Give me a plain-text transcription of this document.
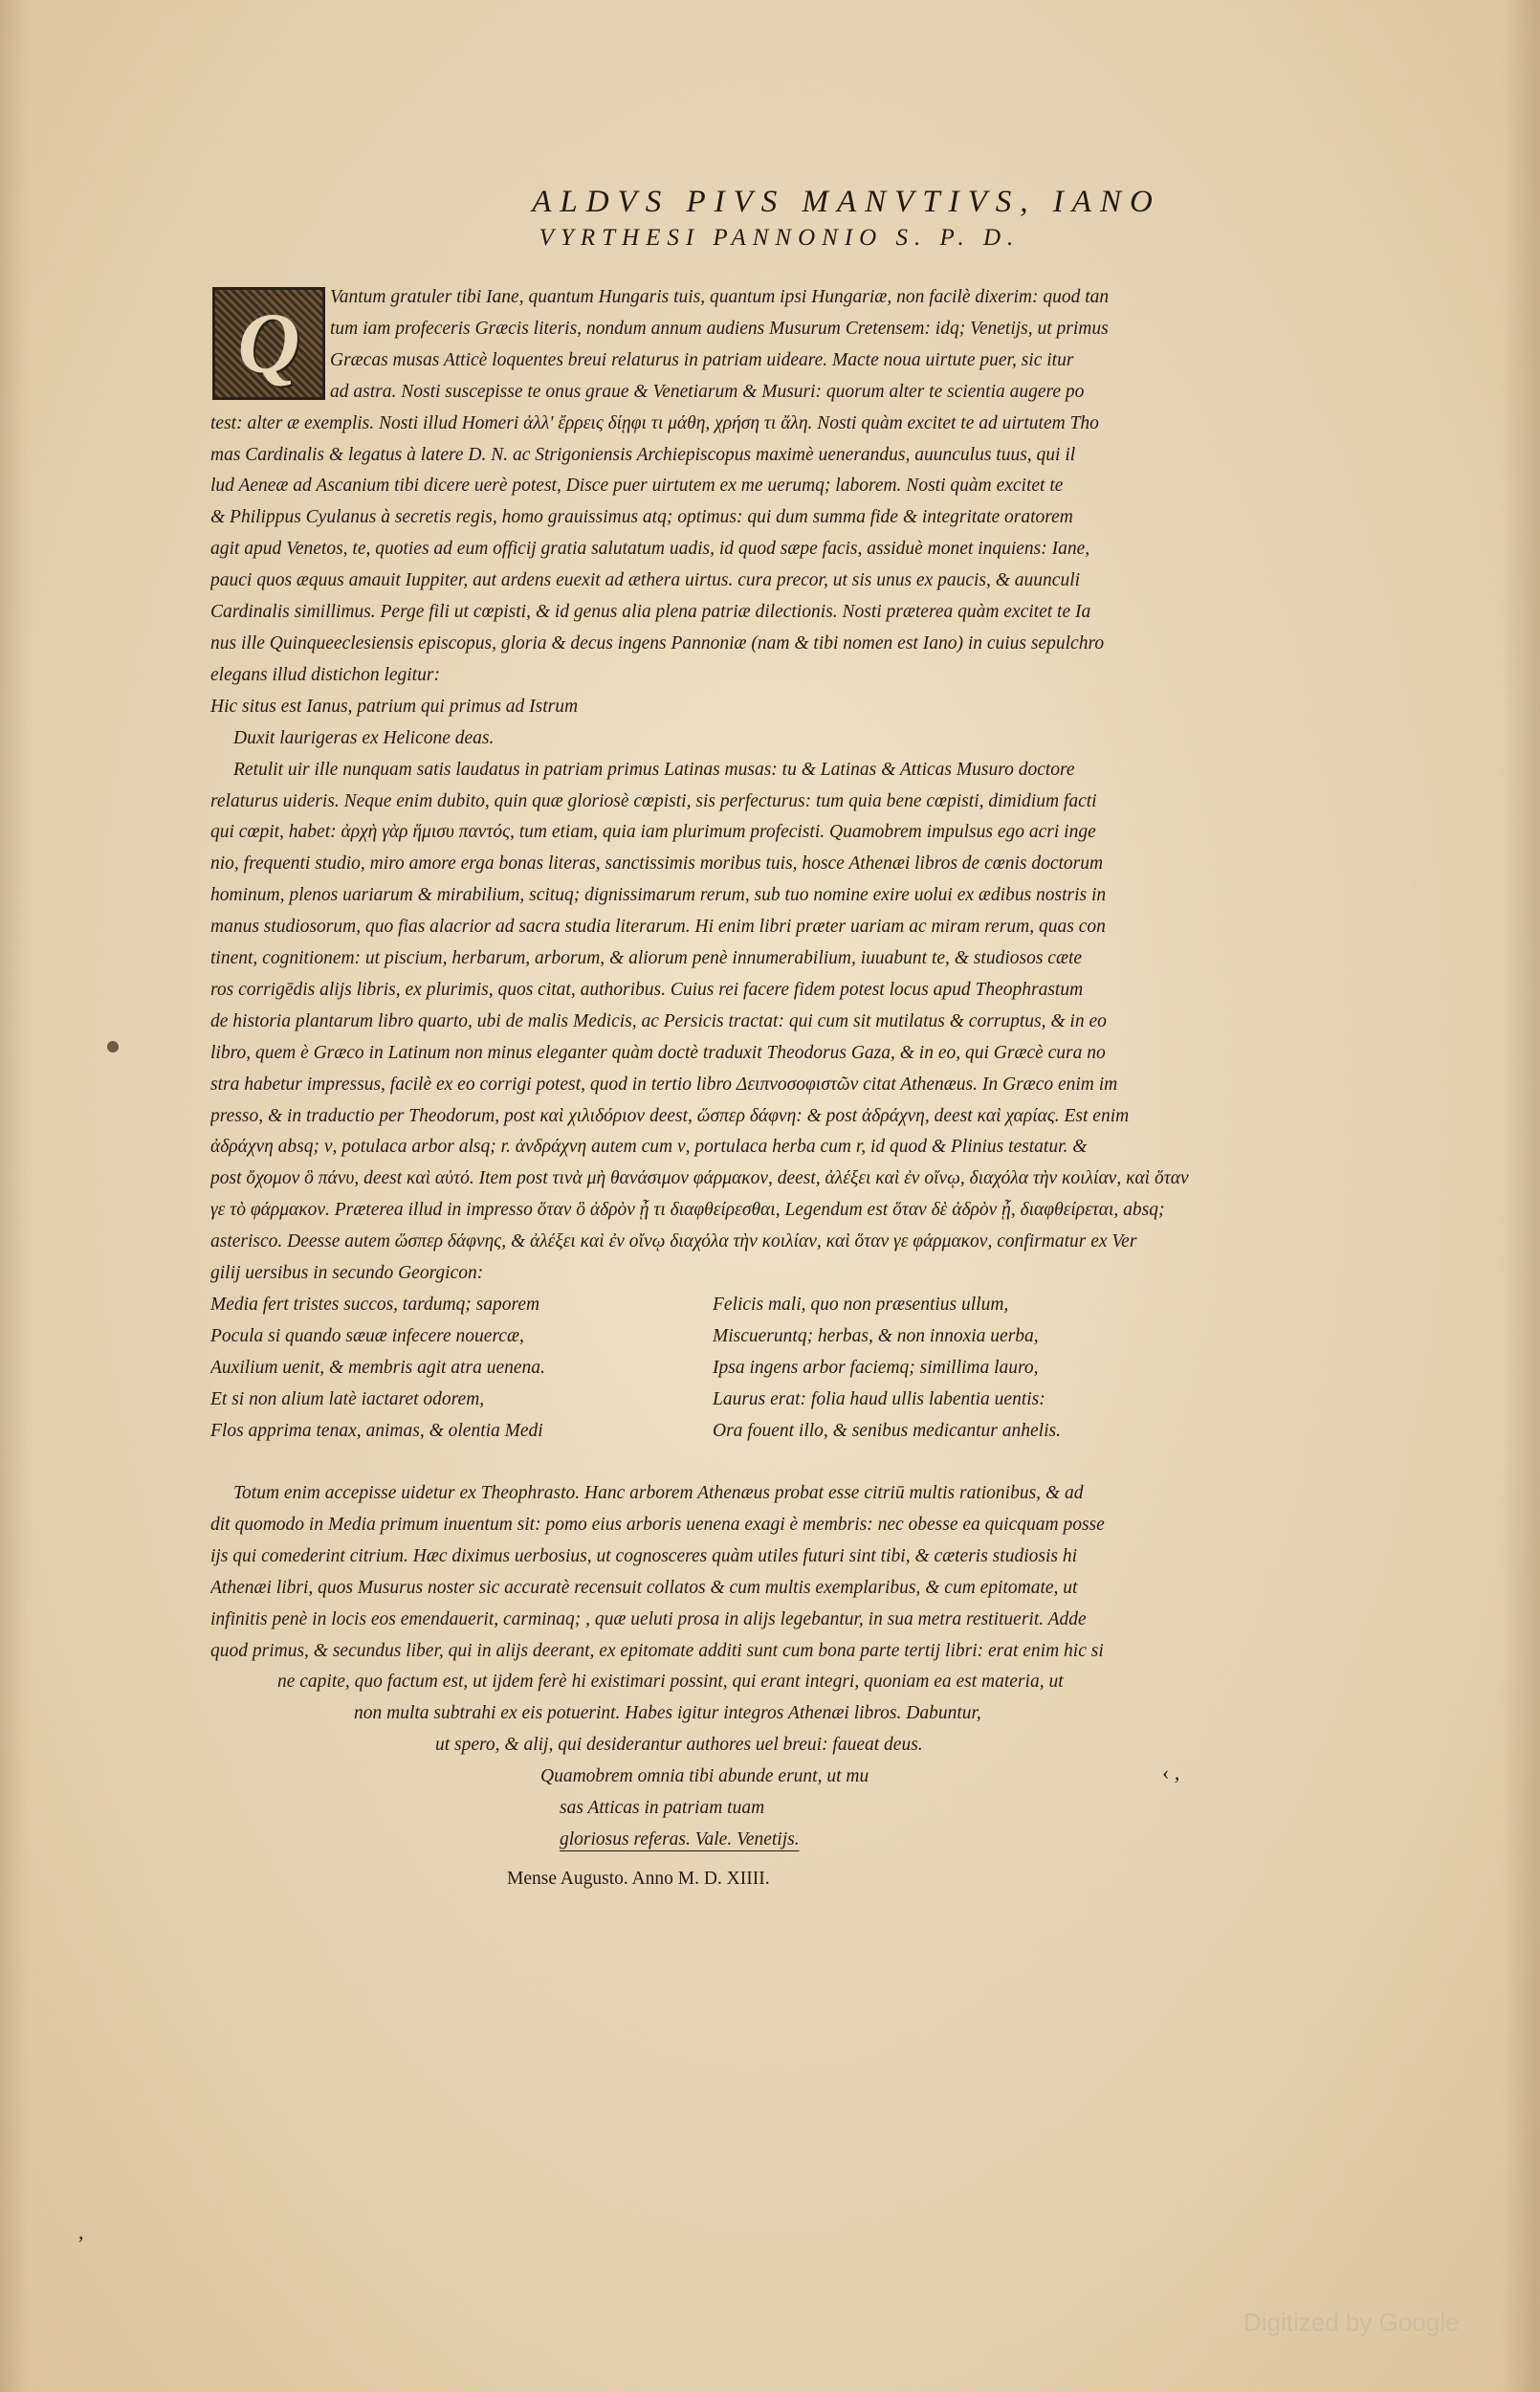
ALDVS PIVS MANVTIVS, IANO
VYRTHESI PANNONIO S. P. D.
Q	Vantum gratuler tibi Iane, quantum Hungaris tuis, quantum ipsi Hungariæ, non facilè dixerim: quod tan
tum iam profeceris Græcis literis, nondum annum audiens Musurum Cretensem: idq; Venetijs, ut primus
Græcas musas Atticè loquentes breui relaturus in patriam uideare. Macte noua uirtute puer, sic itur
ad astra. Nosti suscepisse te onus graue & Venetiarum & Musuri: quorum alter te scientia augere po
test: alter æ exemplis. Nosti illud Homeri ἀλλ' ἔρρεις δίῃφι τι μάθη, χρήση τι ἄλη. Nosti quàm excitet te ad uirtutem Tho
mas Cardinalis & legatus à latere D. N. ac Strigoniensis Archiepiscopus maximè uenerandus, auunculus tuus, qui il
lud Aeneæ ad Ascanium tibi dicere uerè potest, Disce puer uirtutem ex me uerumq; laborem. Nosti quàm excitet te
& Philippus Cyulanus à secretis regis, homo grauissimus atq; optimus: qui dum summa fide & integritate oratorem
agit apud Venetos, te, quoties ad eum officij gratia salutatum uadis, id quod sæpe facis, assiduè monet inquiens: Iane,
pauci quos æquus amauit Iuppiter, aut ardens euexit ad æthera uirtus. cura precor, ut sis unus ex paucis, & auunculi
Cardinalis simillimus. Perge fili ut cœpisti, & id genus alia plena patriæ dilectionis. Nosti præterea quàm excitet te Ia
nus ille Quinqueeclesiensis episcopus, gloria & decus ingens Pannoniæ (nam & tibi nomen est Iano) in cuius sepulchro
elegans illud distichon legitur:
Hic situs est Ianus, patrium qui primus ad Istrum
Duxit laurigeras ex Helicone deas.
Retulit uir ille nunquam satis laudatus in patriam primus Latinas musas: tu & Latinas & Atticas Musuro doctore
relaturus uideris. Neque enim dubito, quin quæ gloriosè cœpisti, sis perfecturus: tum quia bene cœpisti, dimidium facti
qui cœpit, habet: ἀρχὴ γὰρ ἥμισυ παντός, tum etiam, quia iam plurimum profecisti. Quamobrem impulsus ego acri inge
nio, frequenti studio, miro amore erga bonas literas, sanctissimis moribus tuis, hosce Athenæi libros de cœnis doctorum
hominum, plenos uariarum & mirabilium, scituq; dignissimarum rerum, sub tuo nomine exire uolui ex ædibus nostris in
manus studiosorum, quo fias alacrior ad sacra studia literarum. Hi enim libri præter uariam ac miram rerum, quas con
tinent, cognitionem: ut piscium, herbarum, arborum, & aliorum penè innumerabilium, iuuabunt te, & studiosos cæte
ros corrigēdis alijs libris, ex plurimis, quos citat, authoribus. Cuius rei facere fidem potest locus apud Theophrastum
de historia plantarum libro quarto, ubi de malis Medicis, ac Persicis tractat: qui cum sit mutilatus & corruptus, & in eo
libro, quem è Græco in Latinum non minus eleganter quàm doctè traduxit Theodorus Gaza, & in eo, qui Græcè cura no
stra habetur impressus, facilè ex eo corrigi potest, quod in tertio libro Δειπνοσοφιστῶν citat Athenæus. In Græco enim im
presso, & in traductio per Theodorum, post καὶ χιλιδόριον deest, ὥσπερ δάφνη: & post ἀδράχνη, deest καὶ χαρίας. Est enim
ἀδράχνη absq; ν, potulaca arbor alsq; r. ἀνδράχνη autem cum ν, portulaca herba cum r, id quod & Plinius testatur. &
post ὄχομον ὃ πάνυ, deest καὶ αὐτό. Item post τινὰ μὴ θανάσιμον φάρμακον, deest, ἀλέξει καὶ ἐν οἴνῳ, διαχόλα τὴν κοιλίαν, καὶ ὅταν
γε τὸ φάρμακον. Præterea illud in impresso ὅταν ὃ ἀδρὸν ᾖ τι διαφθείρεσθαι, Legendum est ὅταν δὲ ἀδρὸν ᾖ, διαφθείρεται, absq;
asterisco. Deesse autem ὥσπερ δάφνης, & ἀλέξει καὶ ἐν οἴνῳ διαχόλα τὴν κοιλίαν, καὶ ὅταν γε φάρμακον, confirmatur ex Ver
gilij uersibus in secundo Georgicon:
Media fert tristes succos, tardumq; saporem
Pocula si quando sæuæ infecere nouercæ,
Auxilium uenit, & membris agit atra uenena.
Et si non alium latè iactaret odorem,
Flos apprima tenax, animas, & olentia Medi
Felicis mali, quo non præsentius ullum,
Miscueruntq; herbas, & non innoxia uerba,
Ipsa ingens arbor faciemq; simillima lauro,
Laurus erat: folia haud ullis labentia uentis:
Ora fouent illo, & senibus medicantur anhelis.
Totum enim accepisse uidetur ex Theophrasto. Hanc arborem Athenæus probat esse citriū multis rationibus, & ad
dit quomodo in Media primum inuentum sit: pomo eius arboris uenena exagi è membris: nec obesse ea quicquam posse
ijs qui comederint citrium. Hæc diximus uerbosius, ut cognosceres quàm utiles futuri sint tibi, & cæteris studiosis hi
Athenæi libri, quos Musurus noster sic accuratè recensuit collatos & cum multis exemplaribus, & cum epitomate, ut
infinitis penè in locis eos emendauerit, carminaq; , quæ ueluti prosa in alijs legebantur, in sua metra restituerit. Adde
quod primus, & secundus liber, qui in alijs deerant, ex epitomate additi sunt cum bona parte tertij libri: erat enim hic si
ne capite, quo factum est, ut ijdem ferè hi existimari possint, qui erant integri, quoniam ea est materia, ut
non multa subtrahi ex eis potuerint. Habes igitur integros Athenæi libros. Dabuntur,
ut spero, & alij, qui desiderantur authores uel breui: faueat deus.
Quamobrem omnia tibi abunde erunt, ut mu
sas Atticas in patriam tuam
gloriosus referas. Vale. Venetijs.
Mense Augusto. Anno M. D. XIIII.
‹ ,
,
Digitized by Google
